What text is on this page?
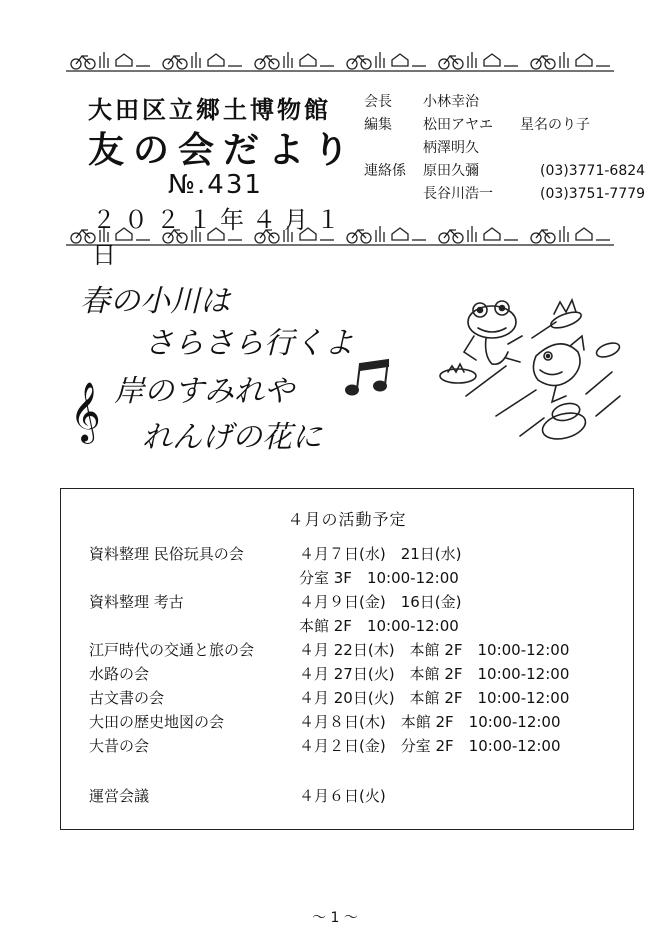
大田区立郷土博物館
友の会だより
№.431
２０２１年４月１日
会長	小林幸治
編集	松田アヤエ	星名のり子
柄澤明久
連絡係	原田久彌	(03)3771-6824
長谷川浩一	(03)3751-7779
春の小川は
さらさら行くよ
岸のすみれや
れんげの花に
𝄞
４月の活動予定
資料整理 民俗玩具の会	４月７日(水)　21日(水)
分室 3F　10:00-12:00
資料整理 考古	４月９日(金)　16日(金)
本館 2F　10:00-12:00
江戸時代の交通と旅の会	４月 22日(木)　本館 2F　10:00-12:00
水路の会	４月 27日(火)　本館 2F　10:00-12:00
古文書の会	４月 20日(火)　本館 2F　10:00-12:00
大田の歴史地図の会	４月８日(木)　本館 2F　10:00-12:00
大昔の会	４月２日(金)　分室 2F　10:00-12:00
運営会議	４月６日(火)
～ 1 ～
